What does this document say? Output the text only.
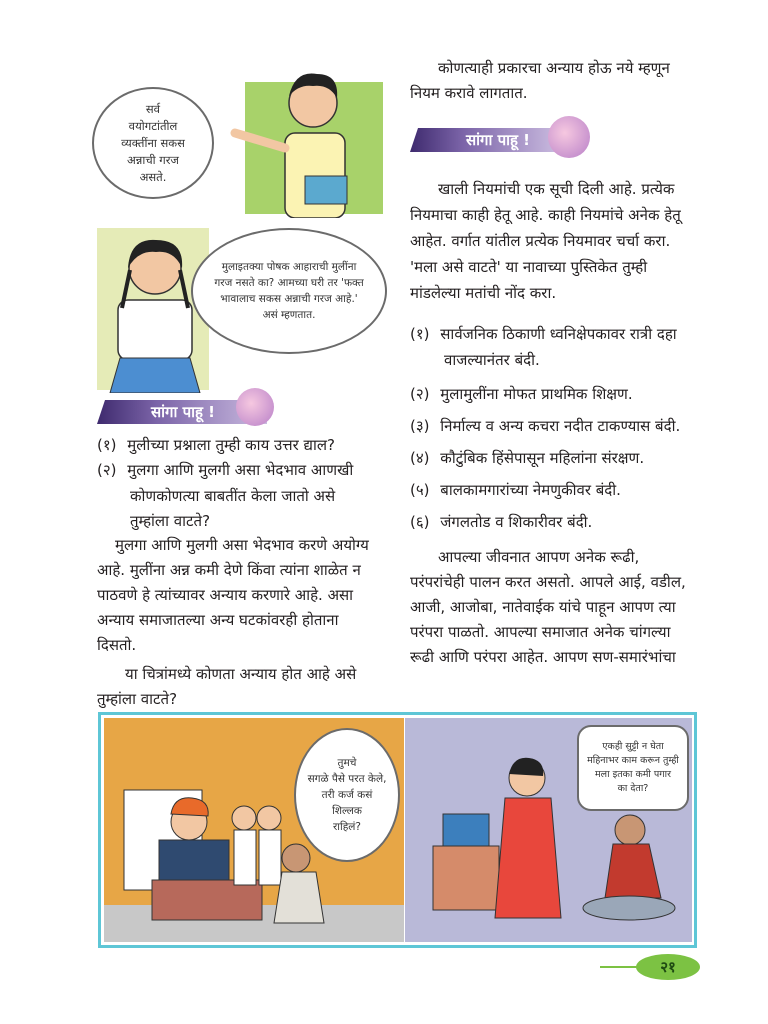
सर्व
वयोगटांतील
व्यक्तींना सकस
अन्नाची गरज
असते.
मुलाइतक्या पोषक आहाराची मुलींना
गरज नसते का? आमच्या घरी तर 'फक्त
भावालाच सकस अन्नाची गरज आहे.'
असं म्हणतात.
सांगा पाहू !
(१) मुलीच्या प्रश्नाला तुम्ही काय उत्तर द्याल?
(२) मुलगा आणि मुलगी असा भेदभाव आणखी
कोणकोणत्या बाबतींत केला जातो असे
तुम्हांला वाटते?
मुलगा आणि मुलगी असा भेदभाव करणे अयोग्य
आहे. मुलींना अन्न कमी देणे किंवा त्यांना शाळेत न
पाठवणे हे त्यांच्यावर अन्याय करणारे आहे. असा
अन्याय समाजातल्या अन्य घटकांवरही होताना
दिसतो.
या चित्रांमध्ये कोणता अन्याय होत आहे असे
तुम्हांला वाटते?
कोणत्याही प्रकारचा अन्याय होऊ नये म्हणून
नियम करावे लागतात.
सांगा पाहू !
खाली नियमांची एक सूची दिली आहे. प्रत्येक
नियमाचा काही हेतू आहे. काही नियमांचे अनेक हेतू
आहेत. वर्गात यांतील प्रत्येक नियमावर चर्चा करा.
'मला असे वाटते' या नावाच्या पुस्तिकेत तुम्ही
मांडलेल्या मतांची नोंद करा.
(१) सार्वजनिक ठिकाणी ध्वनिक्षेपकावर रात्री दहा
वाजल्यानंतर बंदी.
(२) मुलामुलींना मोफत प्राथमिक शिक्षण.
(३) निर्माल्य व अन्य कचरा नदीत टाकण्यास बंदी.
(४) कौटुंबिक हिंसेपासून महिलांना संरक्षण.
(५) बालकामगारांच्या नेमणुकीवर बंदी.
(६) जंगलतोड व शिकारीवर बंदी.
आपल्या जीवनात आपण अनेक रूढी,
परंपरांचेही पालन करत असतो. आपले आई, वडील,
आजी, आजोबा, नातेवाईक यांचे पाहून आपण त्या
परंपरा पाळतो. आपल्या समाजात अनेक चांगल्या
रूढी आणि परंपरा आहेत. आपण सण-समारंभांचा
तुमचे
सगळे पैसे परत केले,
तरी कर्ज कसं
शिल्लक
राहिलं?
एकही सुट्टी न घेता
महिनाभर काम करून तुम्ही
मला इतका कमी पगार
का देता?
२१
